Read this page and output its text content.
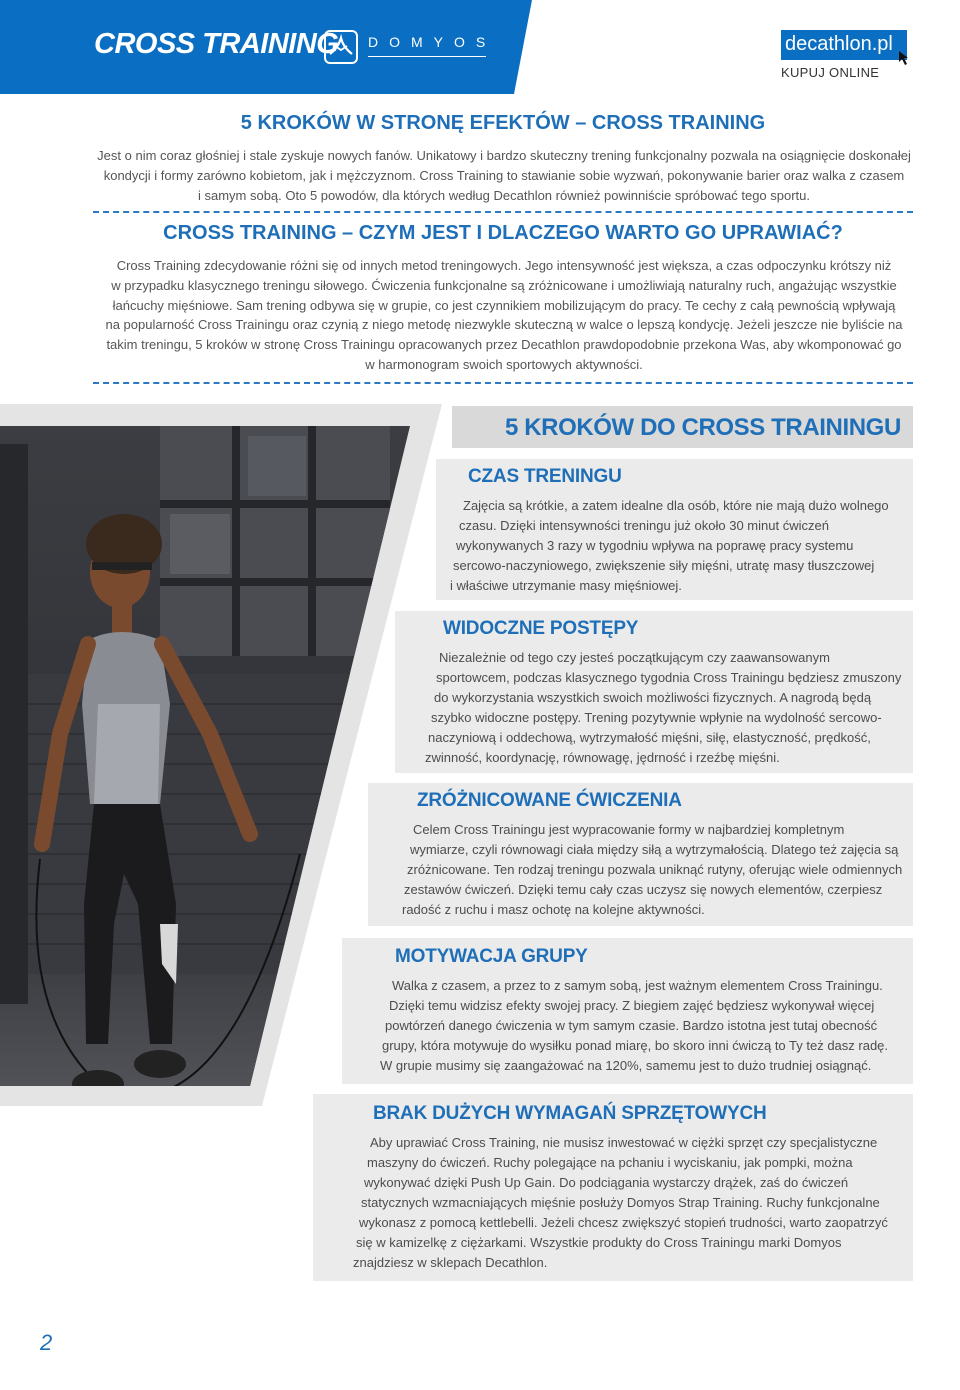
CROSS TRAINING DOMYOS	decathlon.pl
KUPUJ ONLINE
5 KROKÓW W STRONĘ EFEKTÓW – CROSS TRAINING
Jest o nim coraz głośniej i stale zyskuje nowych fanów. Unikatowy i bardzo skuteczny trening funkcjonalny pozwala na osiągnięcie doskonałej
kondycji i formy zarówno kobietom, jak i mężczyznom. Cross Training to stawianie sobie wyzwań, pokonywanie barier oraz walka z czasem
i samym sobą. Oto 5 powodów, dla których według Decathlon również powinniście spróbować tego sportu.
CROSS TRAINING – CZYM JEST I DLACZEGO WARTO GO UPRAWIAĆ?
Cross Training zdecydowanie różni się od innych metod treningowych. Jego intensywność jest większa, a czas odpoczynku krótszy niż
w przypadku klasycznego treningu siłowego. Ćwiczenia funkcjonalne są zróżnicowane i umożliwiają naturalny ruch, angażując wszystkie
łańcuchy mięśniowe. Sam trening odbywa się w grupie, co jest czynnikiem mobilizującym do pracy. Te cechy z całą pewnością wpływają
na popularność Cross Trainingu oraz czynią z niego metodę niezwykle skuteczną w walce o lepszą kondycję. Jeżeli jeszcze nie byliście na
takim treningu, 5 kroków w stronę Cross Trainingu opracowanych przez Decathlon prawdopodobnie przekona Was, aby wkomponować go
w harmonogram swoich sportowych aktywności.
5 KROKÓW DO CROSS TRAININGU
CZAS TRENINGU
Zajęcia są krótkie, a zatem idealne dla osób, które nie mają dużo wolnego
czasu. Dzięki intensywności treningu już około 30 minut ćwiczeń
wykonywanych 3 razy w tygodniu wpływa na poprawę pracy systemu
sercowo-naczyniowego, zwiększenie siły mięśni, utratę masy tłuszczowej
i właściwe utrzymanie masy mięśniowej.
WIDOCZNE POSTĘPY
Niezależnie od tego czy jesteś początkującym czy zaawansowanym
sportowcem, podczas klasycznego tygodnia Cross Trainingu będziesz zmuszony
do wykorzystania wszystkich swoich możliwości fizycznych. A nagrodą będą
szybko widoczne postępy. Trening pozytywnie wpłynie na wydolność sercowo-
naczyniową i oddechową, wytrzymałość mięśni, siłę, elastyczność, prędkość,
zwinność, koordynację, równowagę, jędrność i rzeźbę mięśni.
ZRÓŻNICOWANE ĆWICZENIA
Celem Cross Trainingu jest wypracowanie formy w najbardziej kompletnym
wymiarze, czyli równowagi ciała między siłą a wytrzymałością. Dlatego też zajęcia są
zróżnicowane. Ten rodzaj treningu pozwala uniknąć rutyny, oferując wiele odmiennych
zestawów ćwiczeń. Dzięki temu cały czas uczysz się nowych elementów, czerpiesz
radość z ruchu i masz ochotę na kolejne aktywności.
MOTYWACJA GRUPY
Walka z czasem, a przez to z samym sobą, jest ważnym elementem Cross Trainingu.
Dzięki temu widzisz efekty swojej pracy. Z biegiem zajęć będziesz wykonywał więcej
powtórzeń danego ćwiczenia w tym samym czasie. Bardzo istotna jest tutaj obecność
grupy, która motywuje do wysiłku ponad miarę, bo skoro inni ćwiczą to Ty też dasz radę.
W grupie musimy się zaangażować na 120%, samemu jest to dużo trudniej osiągnąć.
BRAK DUŻYCH WYMAGAŃ SPRZĘTOWYCH
Aby uprawiać Cross Training, nie musisz inwestować w ciężki sprzęt czy specjalistyczne
maszyny do ćwiczeń. Ruchy polegające na pchaniu i wyciskaniu, jak pompki, można
wykonywać dzięki Push Up Gain. Do podciągania wystarczy drążek, zaś do ćwiczeń
statycznych wzmacniających mięśnie posłuży Domyos Strap Training. Ruchy funkcjonalne
wykonasz z pomocą kettlebelli. Jeżeli chcesz zwiększyć stopień trudności, warto zaopatrzyć
się w kamizelkę z ciężarkami. Wszystkie produkty do Cross Trainingu marki Domyos
znajdziesz w sklepach Decathlon.
2
